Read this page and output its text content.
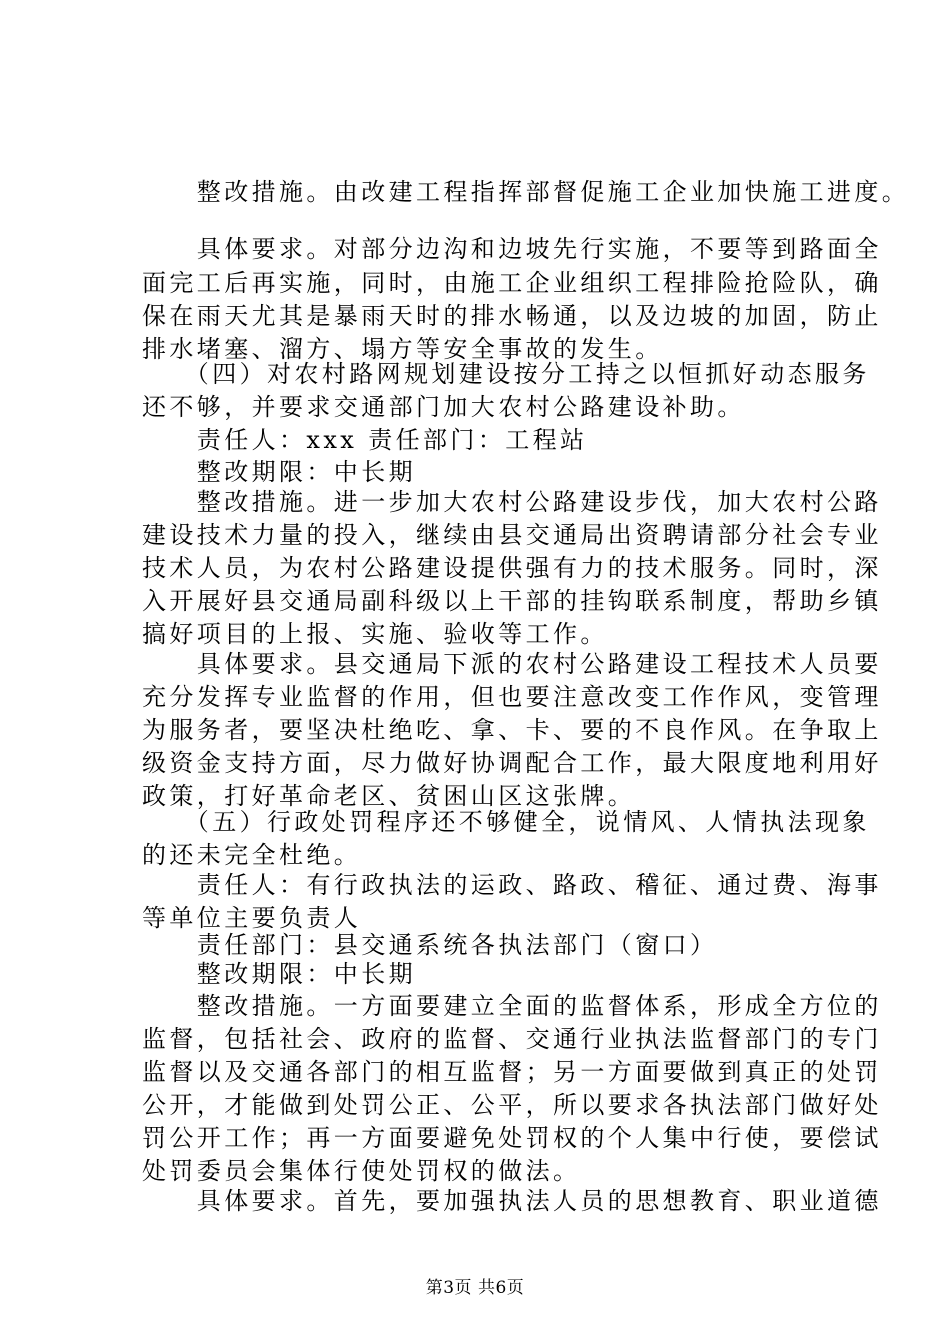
　　整改措施。由改建工程指挥部督促施工企业加快施工进度。
　　具体要求。对部分边沟和边坡先行实施，不要等到路面全
面完工后再实施，同时，由施工企业组织工程排险抢险队，确
保在雨天尤其是暴雨天时的排水畅通，以及边坡的加固，防止
排水堵塞、溜方、塌方等安全事故的发生。
　　（四）对农村路网规划建设按分工持之以恒抓好动态服务
还不够，并要求交通部门加大农村公路建设补助。
　　责任人：xxx 责任部门：工程站
　　整改期限：中长期
　　整改措施。进一步加大农村公路建设步伐，加大农村公路
建设技术力量的投入，继续由县交通局出资聘请部分社会专业
技术人员，为农村公路建设提供强有力的技术服务。同时，深
入开展好县交通局副科级以上干部的挂钩联系制度，帮助乡镇
搞好项目的上报、实施、验收等工作。
　　具体要求。县交通局下派的农村公路建设工程技术人员要
充分发挥专业监督的作用，但也要注意改变工作作风，变管理
为服务者，要坚决杜绝吃、拿、卡、要的不良作风。在争取上
级资金支持方面，尽力做好协调配合工作，最大限度地利用好
政策，打好革命老区、贫困山区这张牌。
　　（五）行政处罚程序还不够健全，说情风、人情执法现象
的还未完全杜绝。
　　责任人：有行政执法的运政、路政、稽征、通过费、海事
等单位主要负责人
　　责任部门：县交通系统各执法部门（窗口）
　　整改期限：中长期
　　整改措施。一方面要建立全面的监督体系，形成全方位的
监督，包括社会、政府的监督、交通行业执法监督部门的专门
监督以及交通各部门的相互监督；另一方面要做到真正的处罚
公开，才能做到处罚公正、公平，所以要求各执法部门做好处
罚公开工作；再一方面要避免处罚权的个人集中行使，要偿试
处罚委员会集体行使处罚权的做法。
　　具体要求。首先，要加强执法人员的思想教育、职业道德
第3页 共6页
